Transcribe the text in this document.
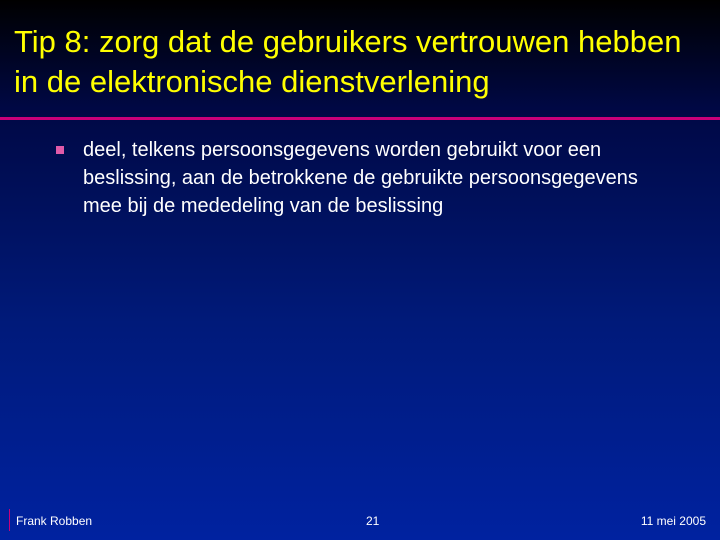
Tip 8: zorg dat de gebruikers vertrouwen hebben in de elektronische dienstverlening
deel, telkens persoonsgegevens worden gebruikt voor een beslissing, aan de betrokkene de gebruikte persoonsgegevens mee bij de mededeling van de beslissing
Frank Robben	21	11 mei 2005
